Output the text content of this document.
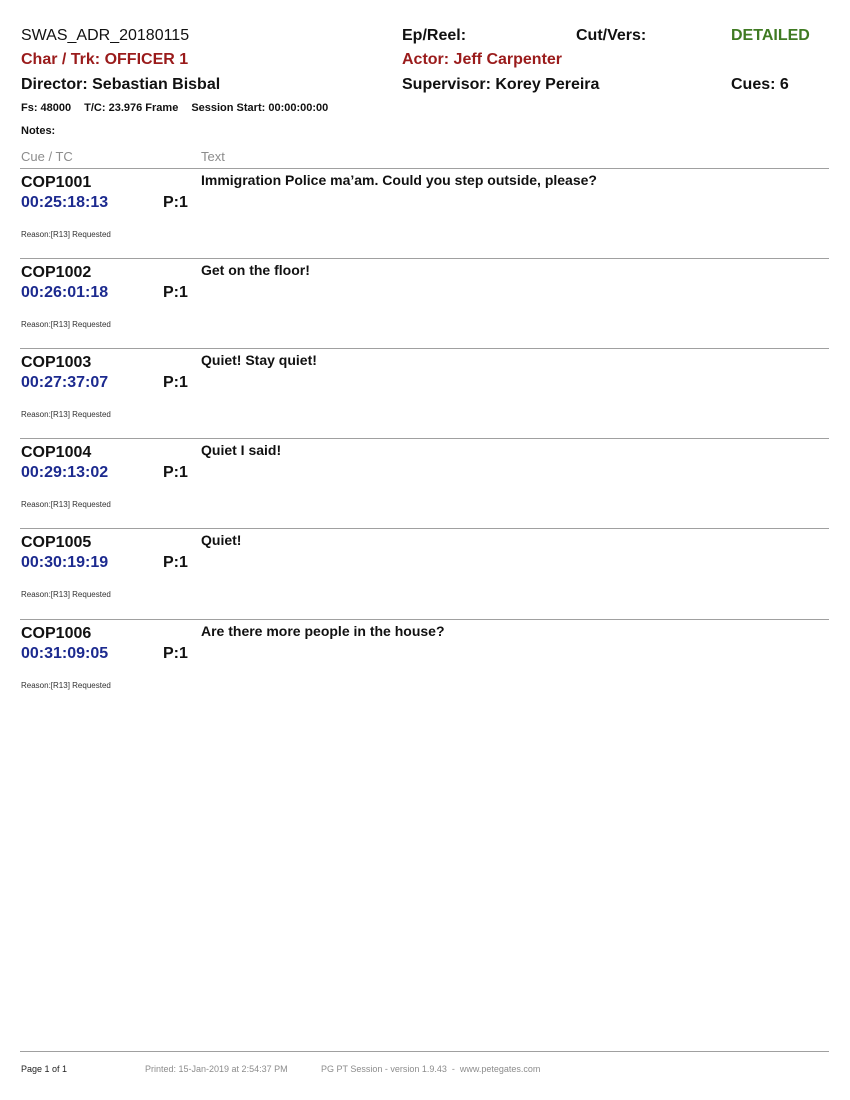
SWAS_ADR_20180115	Ep/Reel:	Cut/Vers:	DETAILED
Char / Trk: OFFICER 1	Actor: Jeff Carpenter
Director: Sebastian Bisbal	Supervisor: Korey Pereira	Cues: 6
Fs: 48000 T/C: 23.976 Frame Session Start: 00:00:00:00
Notes:
Cue / TC	Text
COP1001
00:25:18:13	P:1
Immigration Police ma’am. Could you step outside, please?
Reason:[R13] Requested
COP1002
00:26:01:18	P:1
Get on the floor!
Reason:[R13] Requested
COP1003
00:27:37:07	P:1
Quiet! Stay quiet!
Reason:[R13] Requested
COP1004
00:29:13:02	P:1
Quiet I said!
Reason:[R13] Requested
COP1005
00:30:19:19	P:1
Quiet!
Reason:[R13] Requested
COP1006
00:31:09:05	P:1
Are there more people in the house?
Reason:[R13] Requested
Page 1 of 1	Printed: 15-Jan-2019 at 2:54:37 PM	PG PT Session - version 1.9.43  -  www.petegates.com
